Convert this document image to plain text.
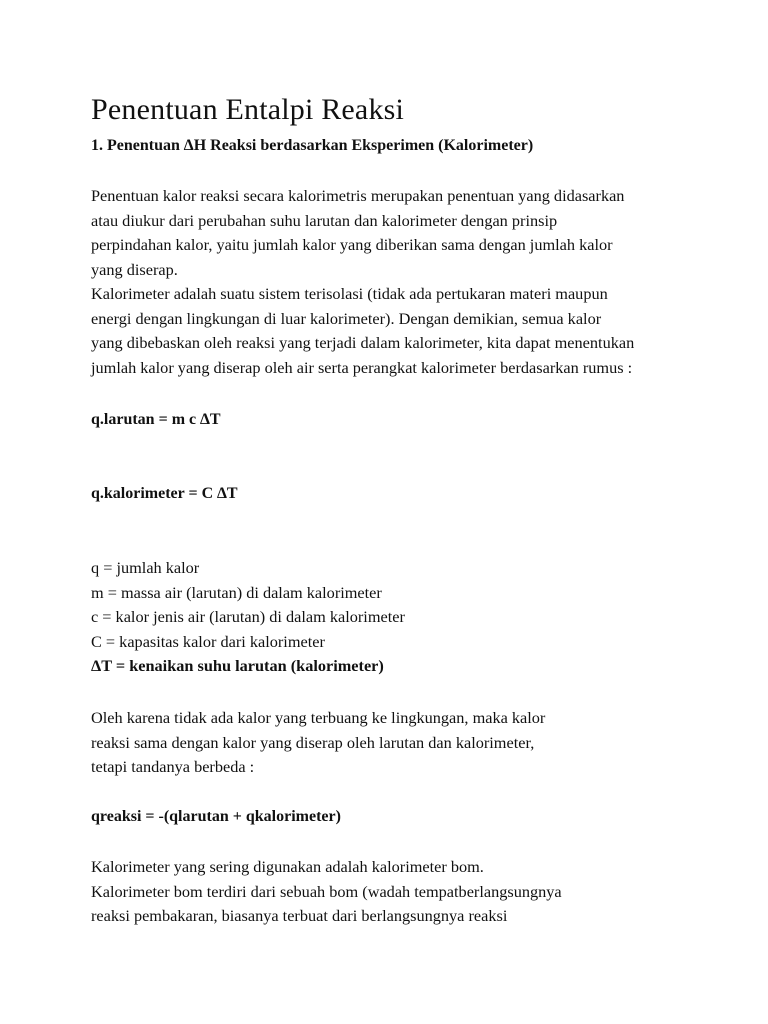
Penentuan Entalpi Reaksi
1. Penentuan ∆H Reaksi berdasarkan Eksperimen (Kalorimeter)

Penentuan kalor reaksi secara kalorimetris merupakan penentuan yang didasarkan
atau diukur dari perubahan suhu larutan dan kalorimeter dengan prinsip
perpindahan kalor, yaitu jumlah kalor yang diberikan sama dengan jumlah kalor
yang diserap.
Kalorimeter adalah suatu sistem terisolasi (tidak ada pertukaran materi maupun
energi dengan lingkungan di luar kalorimeter). Dengan demikian, semua kalor
yang dibebaskan oleh reaksi yang terjadi dalam kalorimeter, kita dapat menentukan
jumlah kalor yang diserap oleh air serta perangkat kalorimeter berdasarkan rumus :

q.larutan = m c ∆T

q.kalorimeter = C ∆T

q = jumlah kalor
m = massa air (larutan) di dalam kalorimeter
c = kalor jenis air (larutan) di dalam kalorimeter
C = kapasitas kalor dari kalorimeter
ΔT = kenaikan suhu larutan (kalorimeter)

Oleh karena tidak ada kalor yang terbuang ke lingkungan, maka kalor
reaksi sama dengan kalor yang diserap oleh larutan dan kalorimeter,
tetapi tandanya berbeda :

qreaksi = -(qlarutan + qkalorimeter)

Kalorimeter yang sering digunakan adalah kalorimeter bom.
Kalorimeter bom terdiri dari sebuah bom (wadah tempatberlangsungnya
reaksi pembakaran, biasanya terbuat dari berlangsungnya reaksi
